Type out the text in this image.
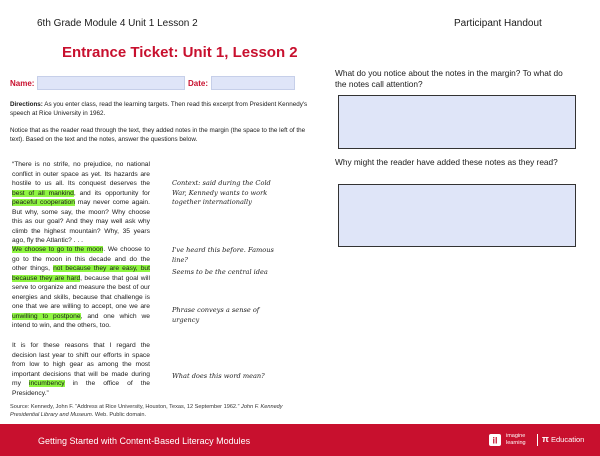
6th Grade Module 4 Unit 1 Lesson 2	Participant Handout
Entrance Ticket: Unit 1, Lesson 2
Name:	Date:
Directions: As you enter class, read the learning targets. Then read this excerpt from President Kennedy's speech at Rice University in 1962.
Notice that as the reader read through the text, they added notes in the margin (the space to the left of the text). Based on the text and the notes, answer the questions below.
“There is no strife, no prejudice, no national conflict in outer space as yet. Its hazards are hostile to us all. Its conquest deserves the best of all mankind, and its opportunity for peaceful cooperation may never come again. But why, some say, the moon? Why choose this as our goal? And they may well ask why climb the highest mountain? Why, 35 years ago, fly the Atlantic? . . .
We choose to go to the moon. We choose to go to the moon in this decade and do the other things, not because they are easy, but because they are hard, because that goal will serve to organize and measure the best of our energies and skills, because that challenge is one that we are willing to accept, one we are unwilling to postpone, and one which we intend to win, and the others, too.
It is for these reasons that I regard the decision last year to shift our efforts in space from low to high gear as among the most important decisions that will be made during my incumbency in the office of the Presidency.”
Context: said during the Cold War, Kennedy wants to work together internationally
I've heard this before. Famous line?
Seems to be the central idea
Phrase conveys a sense of urgency
What does this word mean?
Source: Kennedy, John F. “Address at Rice University, Houston, Texas, 12 September 1962.” John F. Kennedy Presidential Library and Museum. Web. Public domain.
What do you notice about the notes in the margin? To what do the notes call attention?
Why might the reader have added these notes as they read?
Getting Started with Content-Based Literacy Modules	il imagine
learning π Education
